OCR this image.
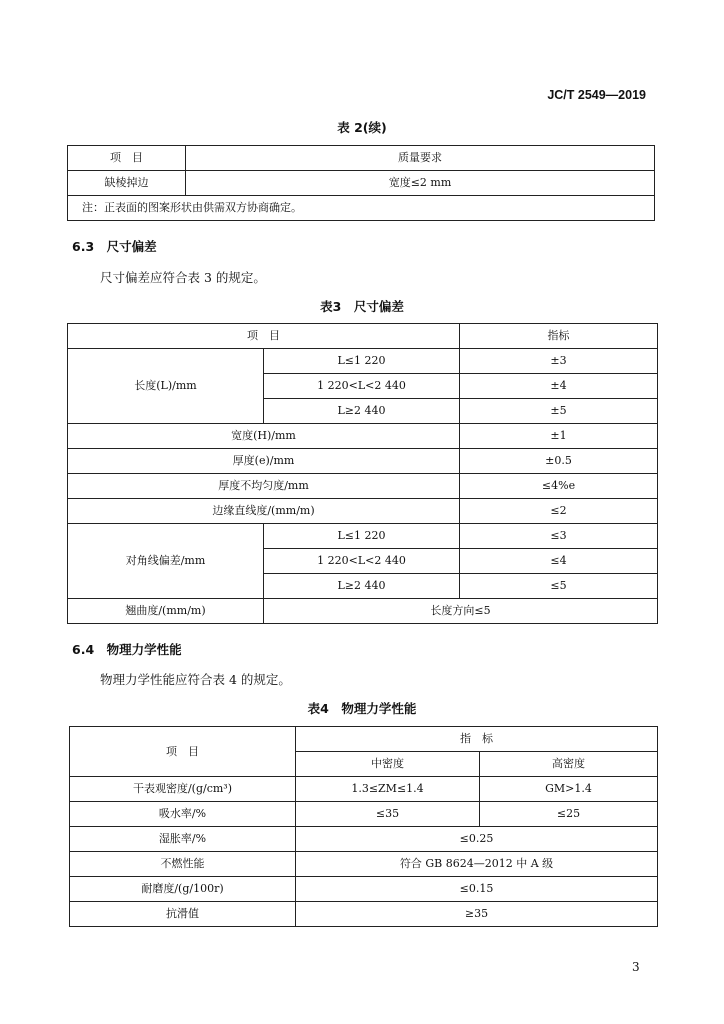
JC/T 2549—2019
表 2(续)
项　目	质量要求
缺棱掉边	宽度≤2 mm
注：正表面的图案形状由供需双方协商确定。	
6.3　尺寸偏差
尺寸偏差应符合表 3 的规定。
表3　尺寸偏差
项　目		指标
长度(L)/mm	L≤1 220	±3
	1 220<L<2 440	±4
	L≥2 440	±5
宽度(H)/mm		±1
厚度(e)/mm		±0.5
厚度不均匀度/mm		≤4%e
边缘直线度/(mm/m)		≤2
对角线偏差/mm	L≤1 220	≤3
	1 220<L<2 440	≤4
	L≥2 440	≤5
翘曲度/(mm/m)	长度方向≤5	
6.4　物理力学性能
物理力学性能应符合表 4 的规定。
表4　物理力学性能
项　目	指　标	
	中密度	高密度
干表观密度/(g/cm³)	1.3≤ZM≤1.4	GM>1.4
吸水率/%	≤35	≤25
湿胀率/%	≤0.25	
不燃性能	符合 GB 8624—2012 中 A 级	
耐磨度/(g/100r)	≤0.15	
抗滑值	≥35	
3
